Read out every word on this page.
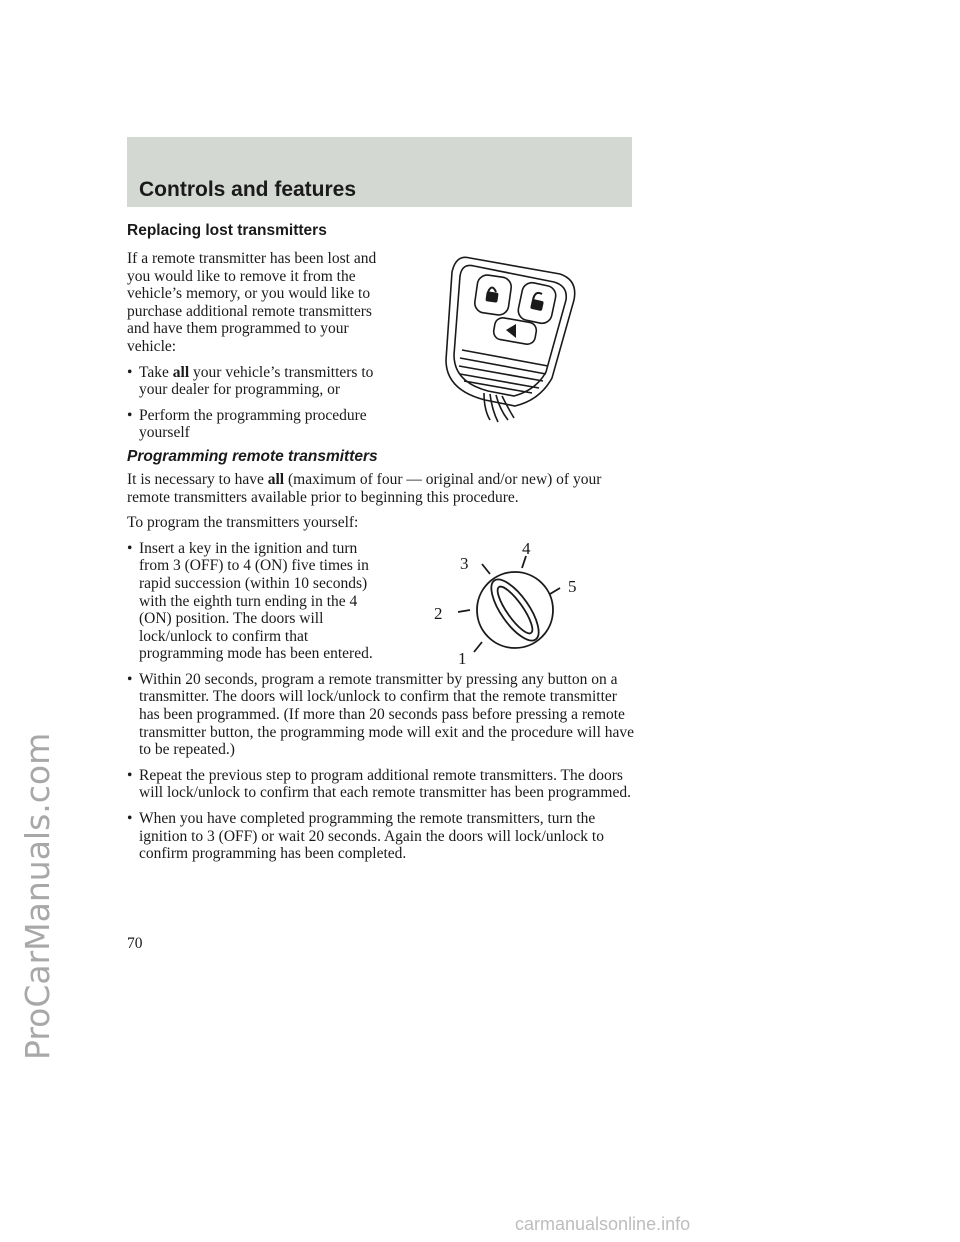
Controls and features
Replacing lost transmitters

If a remote transmitter has been lost and you would like to remove it from the vehicle’s memory, or you would like to purchase additional remote transmitters and have them programmed to your vehicle:

• Take all your vehicle’s transmitters to your dealer for programming, or
• Perform the programming procedure yourself
Programming remote transmitters

It is necessary to have all (maximum of four — original and/or new) of your remote transmitters available prior to beginning this procedure.

To program the transmitters yourself:

• Insert a key in the ignition and turn from 3 (OFF) to 4 (ON) five times in rapid succession (within 10 seconds) with the eighth turn ending in the 4 (ON) position. The doors will lock/unlock to confirm that programming mode has been entered.
• Within 20 seconds, program a remote transmitter by pressing any button on a transmitter. The doors will lock/unlock to confirm that the remote transmitter has been programmed. (If more than 20 seconds pass before pressing a remote transmitter button, the programming mode will exit and the procedure will have to be repeated.)
• Repeat the previous step to program additional remote transmitters. The doors will lock/unlock to confirm that each remote transmitter has been programmed.
• When you have completed programming the remote transmitters, turn the ignition to 3 (OFF) or wait 20 seconds. Again the doors will lock/unlock to confirm programming has been completed.
1
2
3
4
5
70
ProCarManuals.com
carmanualsonline.info
